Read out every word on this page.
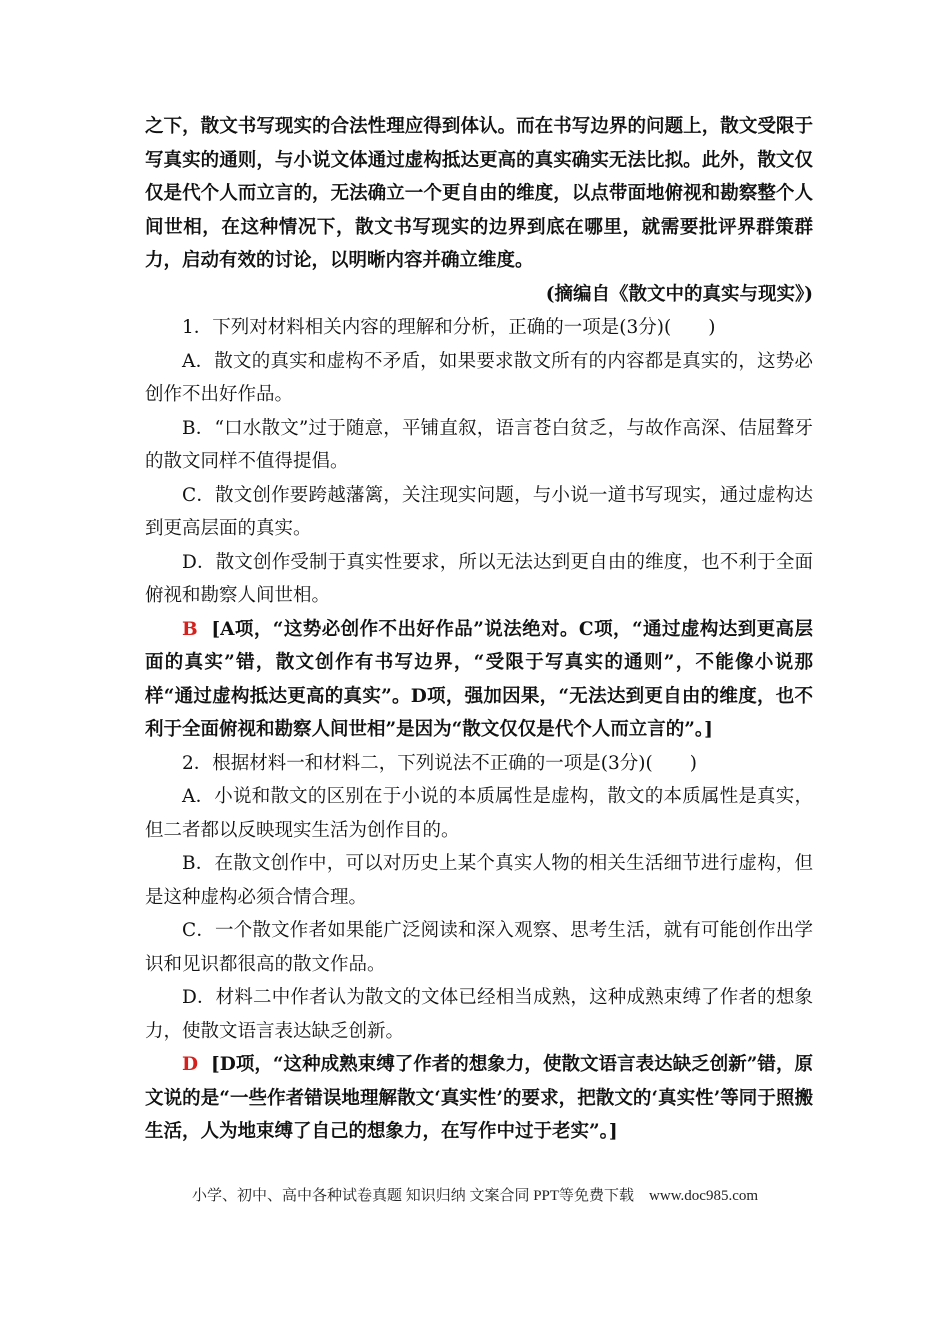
之下，散文书写现实的合法性理应得到体认。而在书写边界的问题上，散文受限于写真实的通则，与小说文体通过虚构抵达更高的真实确实无法比拟。此外，散文仅仅是代个人而立言的，无法确立一个更自由的维度，以点带面地俯视和勘察整个人间世相，在这种情况下，散文书写现实的边界到底在哪里，就需要批评界群策群力，启动有效的讨论，以明晰内容并确立维度。

(摘编自《散文中的真实与现实》)

1．下列对材料相关内容的理解和分析，正确的一项是(3分)(　　)

A．散文的真实和虚构不矛盾，如果要求散文所有的内容都是真实的，这势必创作不出好作品。

B．“口水散文”过于随意，平铺直叙，语言苍白贫乏，与故作高深、佶屈聱牙的散文同样不值得提倡。

C．散文创作要跨越藩篱，关注现实问题，与小说一道书写现实，通过虚构达到更高层面的真实。

D．散文创作受制于真实性要求，所以无法达到更自由的维度，也不利于全面俯视和勘察人间世相。

B [A项，“这势必创作不出好作品”说法绝对。C项，“通过虚构达到更高层面的真实”错，散文创作有书写边界，“受限于写真实的通则”，不能像小说那样“通过虚构抵达更高的真实”。D项，强加因果，“无法达到更自由的维度，也不利于全面俯视和勘察人间世相”是因为“散文仅仅是代个人而立言的”。]

2．根据材料一和材料二，下列说法不正确的一项是(3分)(　　)

A．小说和散文的区别在于小说的本质属性是虚构，散文的本质属性是真实，但二者都以反映现实生活为创作目的。

B．在散文创作中，可以对历史上某个真实人物的相关生活细节进行虚构，但是这种虚构必须合情合理。

C．一个散文作者如果能广泛阅读和深入观察、思考生活，就有可能创作出学识和见识都很高的散文作品。

D．材料二中作者认为散文的文体已经相当成熟，这种成熟束缚了作者的想象力，使散文语言表达缺乏创新。

D [D项，“这种成熟束缚了作者的想象力，使散文语言表达缺乏创新”错，原文说的是“一些作者错误地理解散文‘真实性’的要求，把散文的‘真实性’等同于照搬生活，人为地束缚了自己的想象力，在写作中过于老实”。]

小学、初中、高中各种试卷真题 知识归纳 文案合同 PPT等免费下载　www.doc985.com
